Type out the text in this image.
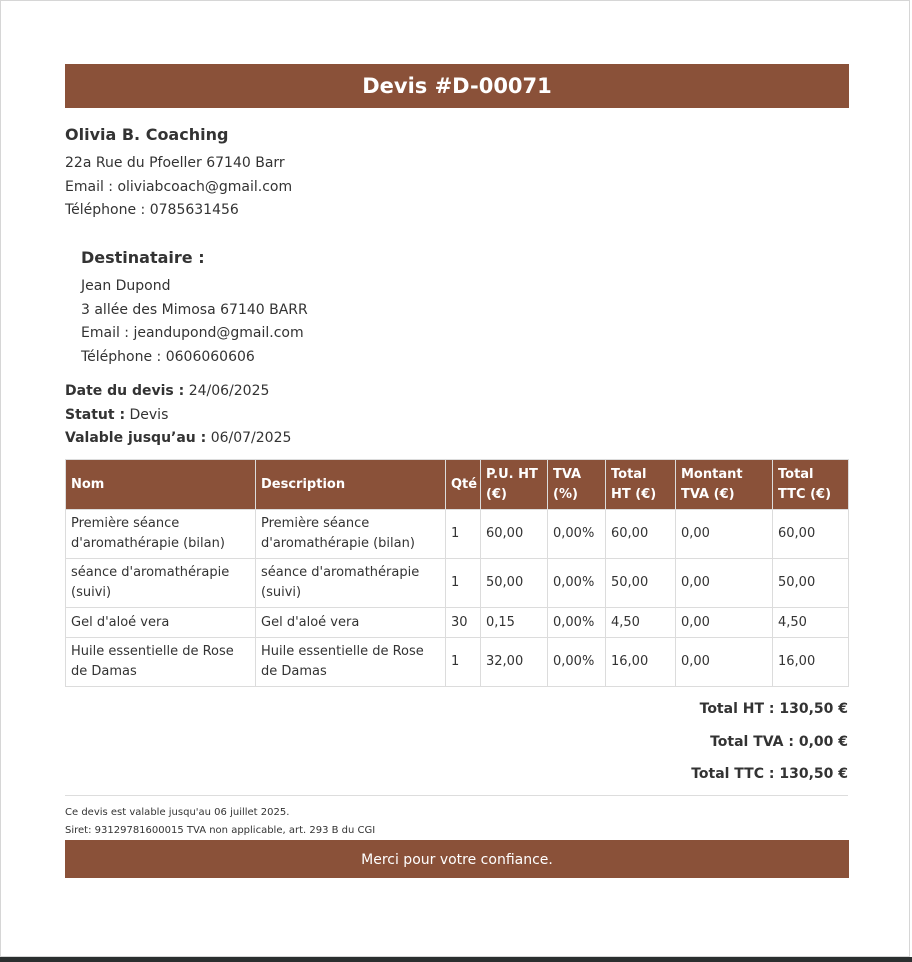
Devis #D-00071
Olivia B. Coaching
22a Rue du Pfoeller 67140 Barr
Email : oliviabcoach@gmail.com
Téléphone : 0785631456
Destinataire :
Jean Dupond
3 allée des Mimosa 67140 BARR
Email : jeandupond@gmail.com
Téléphone : 0606060606
Date du devis : 24/06/2025
Statut : Devis
Valable jusqu’au : 06/07/2025
Nom	Description	Qté	P.U. HT (€)	TVA (%)	Total HT (€)	Montant TVA (€)	Total TTC (€)
Première séance d'aromathérapie (bilan)	Première séance d'aromathérapie (bilan)	1	60,00	0,00%	60,00	0,00	60,00
séance d'aromathérapie (suivi)	séance d'aromathérapie (suivi)	1	50,00	0,00%	50,00	0,00	50,00
Gel d'aloé vera	Gel d'aloé vera	30	0,15	0,00%	4,50	0,00	4,50
Huile essentielle de Rose de Damas	Huile essentielle de Rose de Damas	1	32,00	0,00%	16,00	0,00	16,00
Total HT : 130,50 €
Total TVA : 0,00 €
Total TTC : 130,50 €
Ce devis est valable jusqu'au 06 juillet 2025.
Siret: 93129781600015 TVA non applicable, art. 293 B du CGI
Merci pour votre confiance.
